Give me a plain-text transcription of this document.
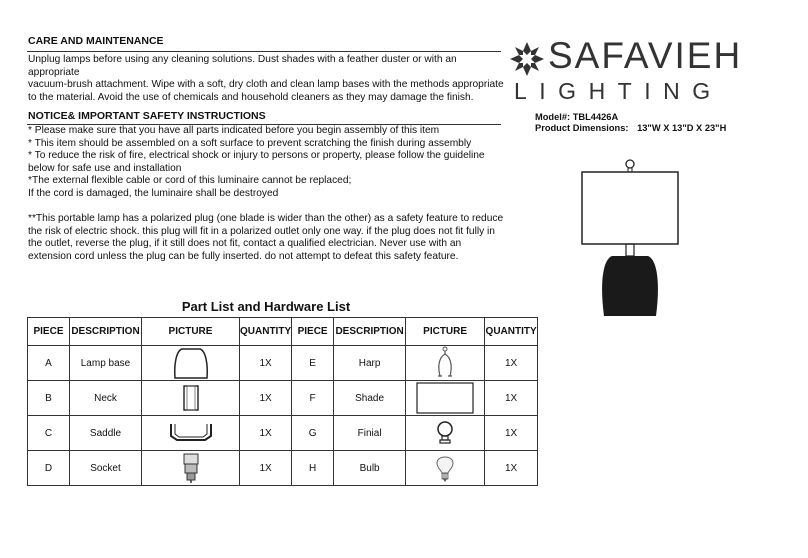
CARE AND MAINTENANCE
Unplug lamps before using any cleaning solutions. Dust shades with a feather duster or with an
appropriate
vacuum-brush attachment. Wipe with a soft, dry cloth and clean lamp bases with the methods appropriate
to the material. Avoid the use of chemicals and household cleaners as they may damage the finish.
NOTICE& IMPORTANT SAFETY INSTRUCTIONS
* Please make sure that you have all parts indicated before you begin assembly of this item
* This item should be assembled on a soft surface to prevent scratching the finish during assembly
* To reduce the risk of fire, electrical shock or injury to persons or property, please follow the guideline
below for safe use and installation
*The external flexible cable or cord of this luminaire cannot be replaced;
If the cord is damaged, the luminaire shall be destroyed
**This portable lamp has a polarized plug (one blade is wider than the other) as a safety feature to reduce
the risk of electric shock. this plug will fit in a polarized outlet only one way. if the plug does not fit fully in
the outlet, reverse the plug, if it still does not fit, contact a qualified electrician. Never use with an
extension cord unless the plug can be fully inserted. do not attempt to defeat this safety feature.
SAFAVIEH
LIGHTING
Model#: TBL4426A
Product Dimensions: 13"W X 13"D X 23"H
Part List and Hardware List
PIECE	DESCRIPTION	PICTURE	QUANTITY	PIECE	DESCRIPTION	PICTURE	QUANTITY
A	Lamp base		1X	E	Harp		1X
B	Neck		1X	F	Shade		1X
C	Saddle		1X	G	Finial		1X
D	Socket		1X	H	Bulb		1X
